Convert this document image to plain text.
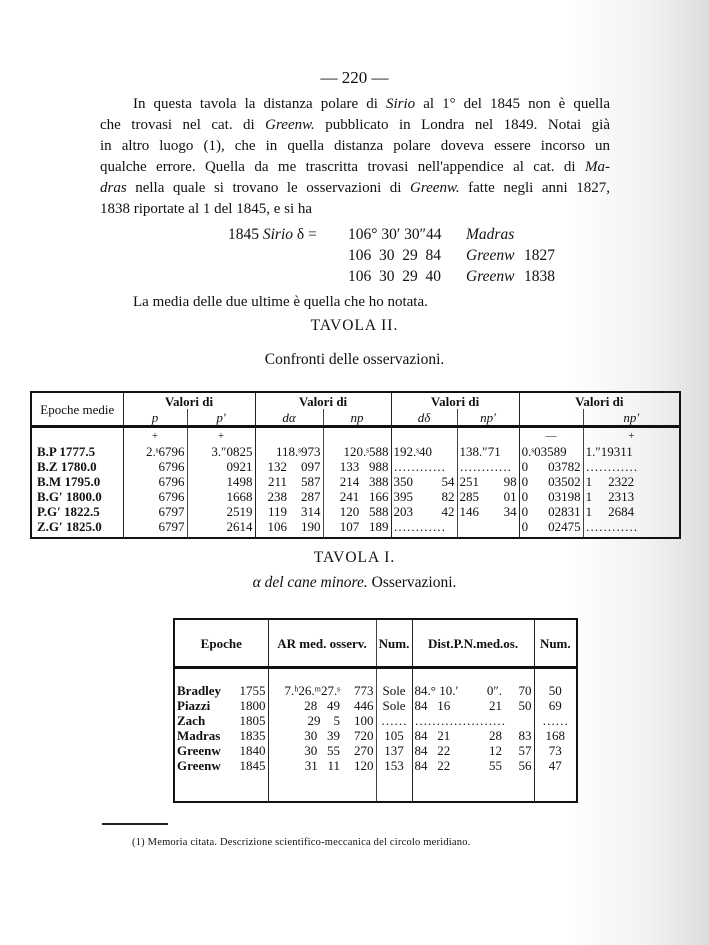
— 220 —

In questa tavola la distanza polare di Sirio al 1° del 1845 non è quella

che trovasi nel cat. di Greenw. pubblicato in Londra nel 1849. Notai già

in altro luogo (1), che in quella distanza polare doveva essere incorso un

qualche errore. Quella da me trascritta trovasi nell'appendice al cat. di Ma-

dras nella quale si trovano le osservazioni di Greenw. fatte negli anni 1827,

1838 riportate al 1 del 1845, e si ha

1845 Sirio δ = 106° 30′ 30″44 Madras
106  30  29  84 Greenw 1827
106  30  29  40 Greenw 1838
La media delle due ultime è quella che ho notata.
TAVOLA II.
Confronti delle osservazioni.
Epoche medie	Valori di		Valori di			Valori di				Valori di		
	p	p′	dα		np	dδ		np′				np′
	+	+								—		+
B.P 1777.5	2.ˢ6796	3.″0825	118.ˢ973		120.ˢ588	192.ˢ40		138.″71		0.ˢ03589		1.″19311
B.Z 1780.0	6796	0921	132	097	133   988	…………		…………		0	03782	…………
B.M 1795.0	6796	1498	211	587	214   388	350	54	251	98	0	03502	1 2322
B.G′ 1800.0	6796	1668	238	287	241   166	395	82	285	01	0	03198	1 2313
P.G′ 1822.5	6797	2519	119	314	120   588	203	42	146	34	0	02831	1 2684
Z.G′ 1825.0	6797	2614	106	190	107   189	…………				0	02475	…………
TAVOLA I.
α del cane minore. Osservazioni.
Epoche		AR med. osserv.		Num.	Dist.P.N.med.os.			Num.

Bradley	1755	7.ʰ26.ᵐ27.ˢ	773	Sole	84.° 10.′	0″.	70	50
Piazzi	1800	28   49	446	Sole	84   16	21	50	69
Zach	1805	29    5	100	……	…………………			……
Madras	1835	30   39	720	105	84   21	28	83	168
Greenw	1840	30   55	270	137	84   22	12	57	73
Greenw	1845	31   11	120	153	84   22	55	56	47

(1) Memoria citata. Descrizione scientifico-meccanica del circolo meridiano.
